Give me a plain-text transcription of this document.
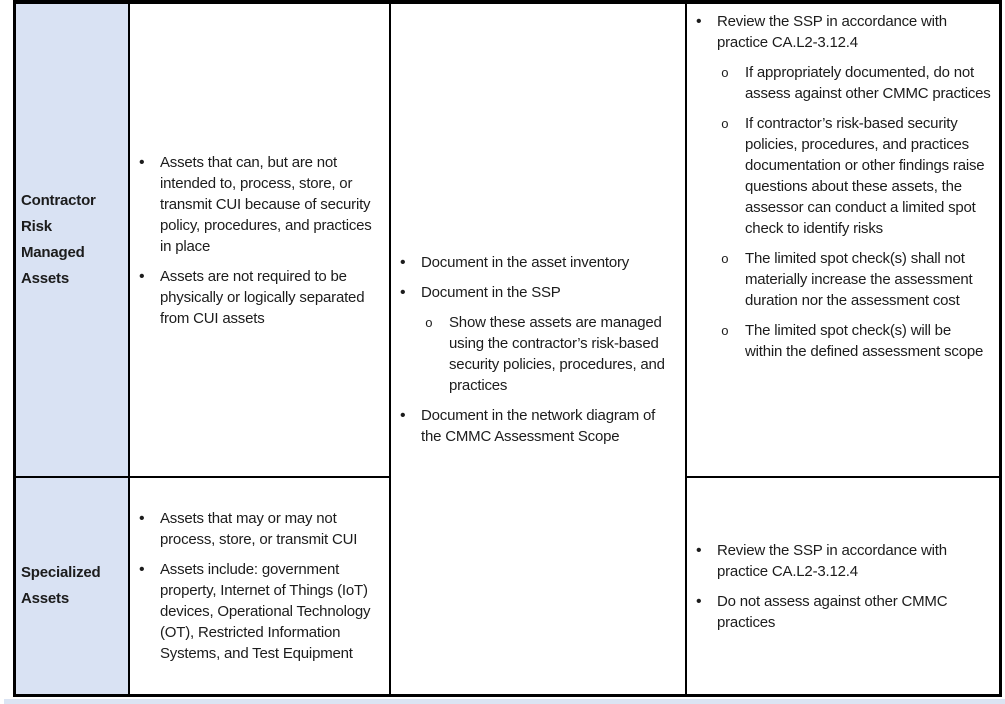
Contractor Risk Managed Assets
•
Assets that can, but are not intended to, process, store, or transmit CUI because of security policy, procedures, and practices in place
•
Assets are not required to be physically or logically separated from CUI assets
•
Document in the asset inventory
•
Document in the SSP
o
Show these assets are managed using the contractor’s risk-based security policies, procedures, and practices
•
Document in the network diagram of the CMMC Assessment Scope
•
Review the SSP in accordance with practice CA.L2-3.12.4
o
If appropriately documented, do not assess against other CMMC practices
o
If contractor’s risk-based security policies, procedures, and practices documentation or other findings raise questions about these assets, the assessor can conduct a limited spot check to identify risks
o
The limited spot check(s) shall not materially increase the assessment duration nor the assessment cost
o
The limited spot check(s) will be within the defined assessment scope
Specialized Assets
•
Assets that may or may not process, store, or transmit CUI
•
Assets include: government property, Internet of Things (IoT) devices, Operational Technology (OT), Restricted Information Systems, and Test Equipment
•
Review the SSP in accordance with practice CA.L2-3.12.4
•
Do not assess against other CMMC practices
